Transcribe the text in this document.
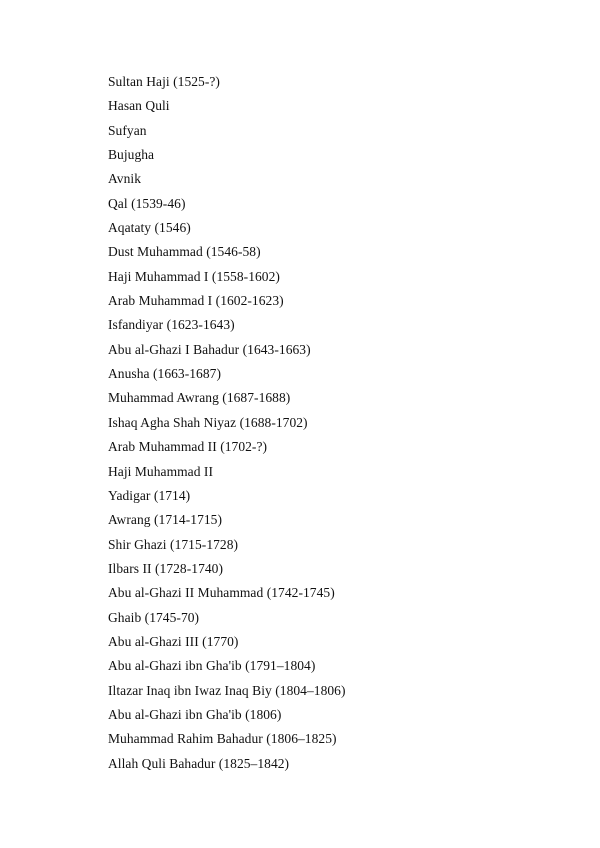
Sultan Haji (1525-?)
Hasan Quli
Sufyan
Bujugha
Avnik
Qal (1539-46)
Aqataty (1546)
Dust Muhammad (1546-58)
Haji Muhammad I (1558-1602)
Arab Muhammad I (1602-1623)
Isfandiyar (1623-1643)
Abu al-Ghazi I Bahadur (1643-1663)
Anusha (1663-1687)
Muhammad Awrang (1687-1688)
Ishaq Agha Shah Niyaz (1688-1702)
Arab Muhammad II (1702-?)
Haji Muhammad II
Yadigar (1714)
Awrang (1714-1715)
Shir Ghazi (1715-1728)
Ilbars II (1728-1740)
Abu al-Ghazi II Muhammad (1742-1745)
Ghaib (1745-70)
Abu al-Ghazi III (1770)
Abu al-Ghazi ibn Gha'ib (1791–1804)
Iltazar Inaq ibn Iwaz Inaq Biy (1804–1806)
Abu al-Ghazi ibn Gha'ib (1806)
Muhammad Rahim Bahadur (1806–1825)
Allah Quli Bahadur (1825–1842)
